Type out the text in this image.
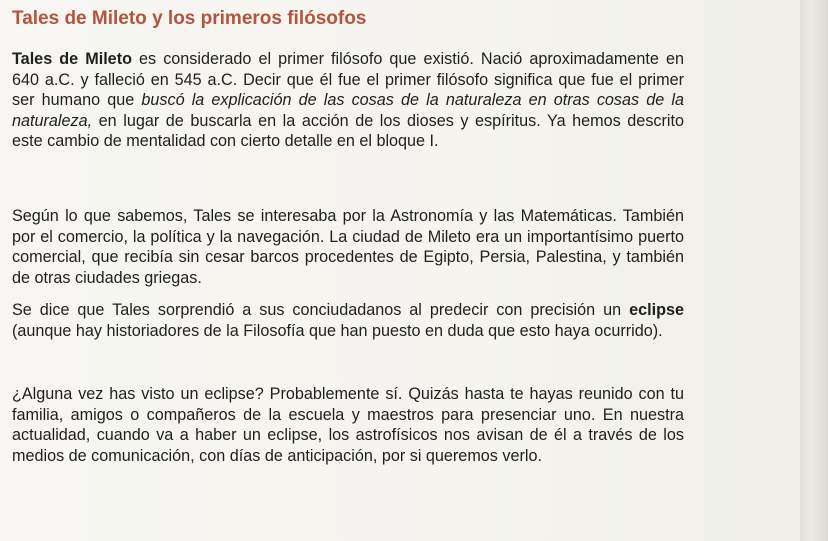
Tales de Mileto y los primeros filósofos

Tales de Mileto es considerado el primer filósofo que existió. Nació aproximadamente en 640 a.C. y falleció en 545 a.C. Decir que él fue el primer filósofo significa que fue el primer ser humano que buscó la explicación de las cosas de la naturaleza en otras cosas de la naturaleza, en lugar de buscarla en la acción de los dioses y espíritus. Ya hemos descrito este cambio de mentalidad con cierto detalle en el bloque I.

Según lo que sabemos, Tales se interesaba por la Astronomía y las Matemáticas. También por el comercio, la política y la navegación. La ciudad de Mileto era un importantísimo puerto comercial, que recibía sin cesar barcos procedentes de Egipto, Persia, Palestina, y también de otras ciudades griegas.

Se dice que Tales sorprendió a sus conciudadanos al predecir con precisión un eclipse (aunque hay historiadores de la Filosofía que han puesto en duda que esto haya ocurrido).

¿Alguna vez has visto un eclipse? Probablemente sí. Quizás hasta te hayas reunido con tu familia, amigos o compañeros de la escuela y maestros para presenciar uno. En nuestra actualidad, cuando va a haber un eclipse, los astrofísicos nos avisan de él a través de los medios de comunicación, con días de anticipación, por si queremos verlo.
